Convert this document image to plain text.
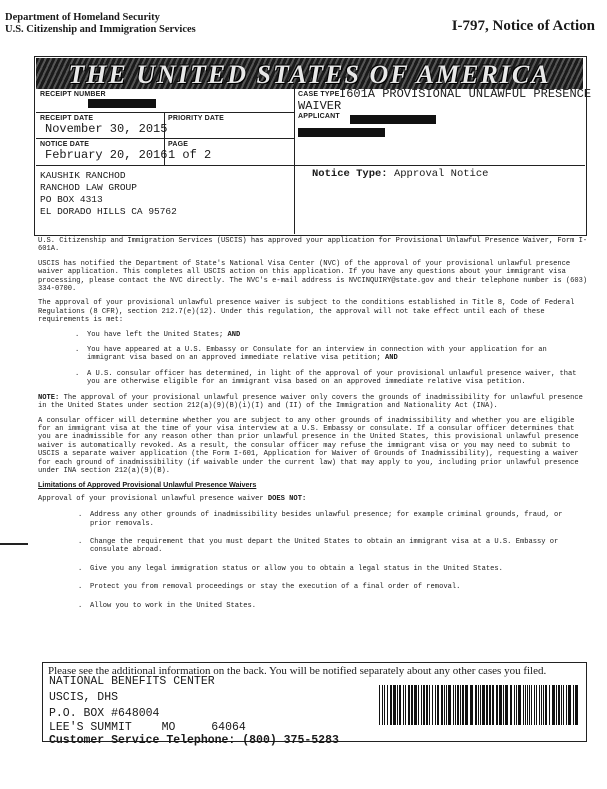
Department of Homeland Security
U.S. Citizenship and Immigration Services	I-797, Notice of Action
THE UNITED STATES OF AMERICA
RECEIPT NUMBER	CASE TYPE I601A PROVISIONAL UNLAWFUL PRESENCE
WAIVER
RECEIPT DATE
November 30, 2015
PRIORITY DATE	APPLICANT
NOTICE DATE
February 20, 2016
PAGE
1 of 2
KAUSHIK RANCHOD
RANCHOD LAW GROUP
PO BOX 4313
EL DORADO HILLS CA 95762
Notice Type: Approval Notice

U.S. Citizenship and Immigration Services (USCIS) has approved your application for Provisional Unlawful Presence Waiver, Form I-601A.

USCIS has notified the Department of State's National Visa Center (NVC) of the approval of your provisional unlawful presence waiver application. This completes all USCIS action on this application. If you have any questions about your immigrant visa processing, please contact the NVC directly. The NVC's e-mail address is NVCINQUIRY@state.gov and their telephone number is (603) 334-0700.

The approval of your provisional unlawful presence waiver is subject to the conditions established in Title 8, Code of Federal Regulations (8 CFR), section 212.7(e)(12). Under this regulation, the approval will not take effect until each of these requirements is met:

. You have left the United States; AND
. You have appeared at a U.S. Embassy or Consulate for an interview in connection with your application for an immigrant visa based on an approved immediate relative visa petition; AND
. A U.S. consular officer has determined, in light of the approval of your provisional unlawful presence waiver, that you are otherwise eligible for an immigrant visa based on an approved immediate relative visa petition.

NOTE: The approval of your provisional unlawful presence waiver only covers the grounds of inadmissibility for unlawful presence in the United States under section 212(a)(9)(B)(i)(I) and (II) of the Immigration and Nationality Act (INA).

A consular officer will determine whether you are subject to any other grounds of inadmissibility and whether you are eligible for an immigrant visa at the time of your visa interview at a U.S. Embassy or consulate. If a consular officer determines that you are inadmissible for any reason other than prior unlawful presence in the United States, this provisional unlawful presence waiver is automatically revoked. As a result, the consular officer may refuse the immigrant visa or you may need to submit to USCIS a separate waiver application (the Form I-601, Application for Waiver of Grounds of Inadmissibility), requesting a waiver for each ground of inadmissibility (if waivable under the current law) that may apply to you, including prior unlawful presence under INA section 212(a)(9)(B).

Limitations of Approved Provisional Unlawful Presence Waivers

Approval of your provisional unlawful presence waiver DOES NOT:

. Address any other grounds of inadmissibility besides unlawful presence; for example criminal grounds, fraud, or prior removals.
. Change the requirement that you must depart the United States to obtain an immigrant visa at a U.S. Embassy or consulate abroad.
. Give you any legal immigration status or allow you to obtain a legal status in the United States.
. Protect you from removal proceedings or stay the execution of a final order of removal.
. Allow you to work in the United States.
Please see the additional information on the back. You will be notified separately about any other cases you filed.
NATIONAL BENEFITS CENTER
USCIS, DHS
P.O. BOX #648004
LEE'S SUMMIT	MO	64064
Customer Service Telephone: (800) 375-5283
